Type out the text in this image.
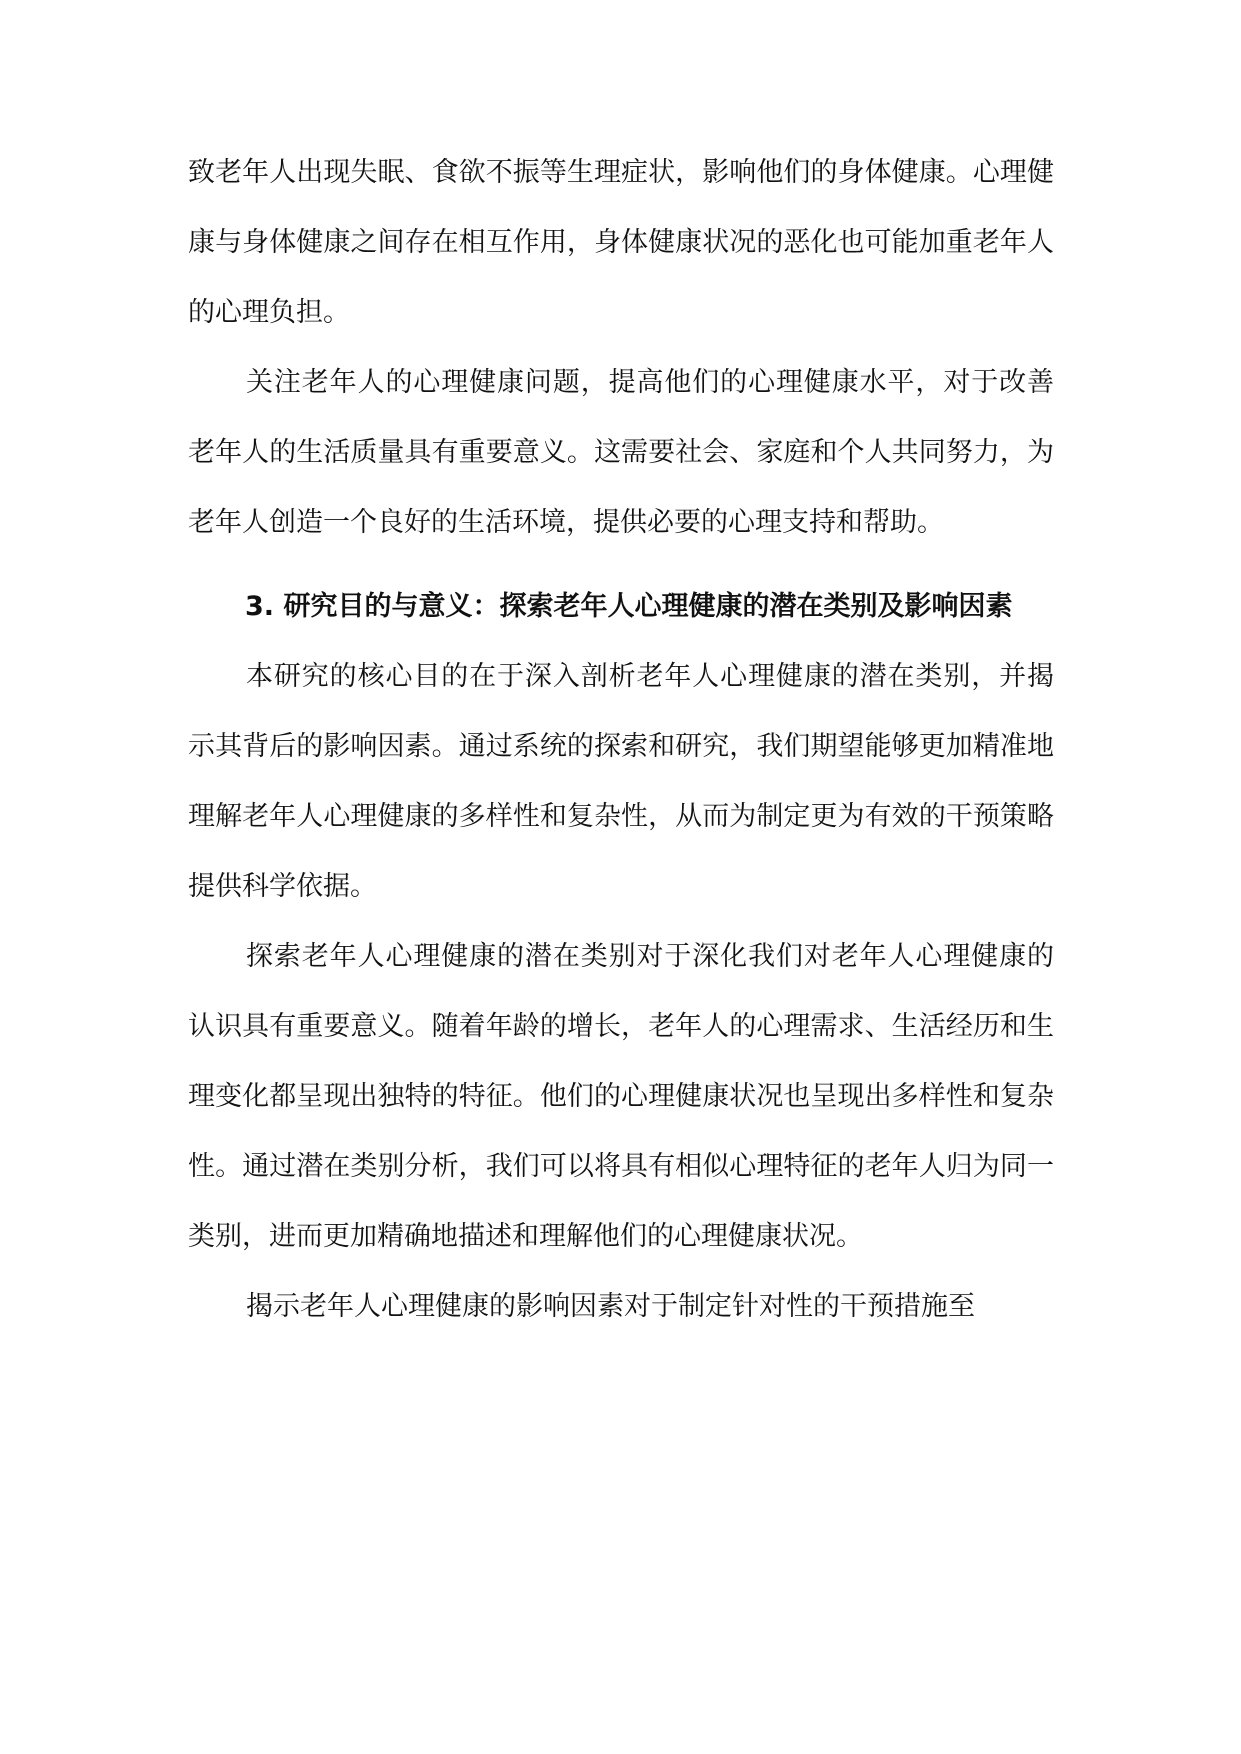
致老年人出现失眠、食欲不振等生理症状，影响他们的身体健康。心理健康与身体健康之间存在相互作用，身体健康状况的恶化也可能加重老年人的心理负担。

关注老年人的心理健康问题，提高他们的心理健康水平，对于改善老年人的生活质量具有重要意义。这需要社会、家庭和个人共同努力，为老年人创造一个良好的生活环境，提供必要的心理支持和帮助。

3. 研究目的与意义：探索老年人心理健康的潜在类别及影响因素

本研究的核心目的在于深入剖析老年人心理健康的潜在类别，并揭示其背后的影响因素。通过系统的探索和研究，我们期望能够更加精准地理解老年人心理健康的多样性和复杂性，从而为制定更为有效的干预策略提供科学依据。

探索老年人心理健康的潜在类别对于深化我们对老年人心理健康的认识具有重要意义。随着年龄的增长，老年人的心理需求、生活经历和生理变化都呈现出独特的特征。他们的心理健康状况也呈现出多样性和复杂性。通过潜在类别分析，我们可以将具有相似心理特征的老年人归为同一类别，进而更加精确地描述和理解他们的心理健康状况。

揭示老年人心理健康的影响因素对于制定针对性的干预措施至
